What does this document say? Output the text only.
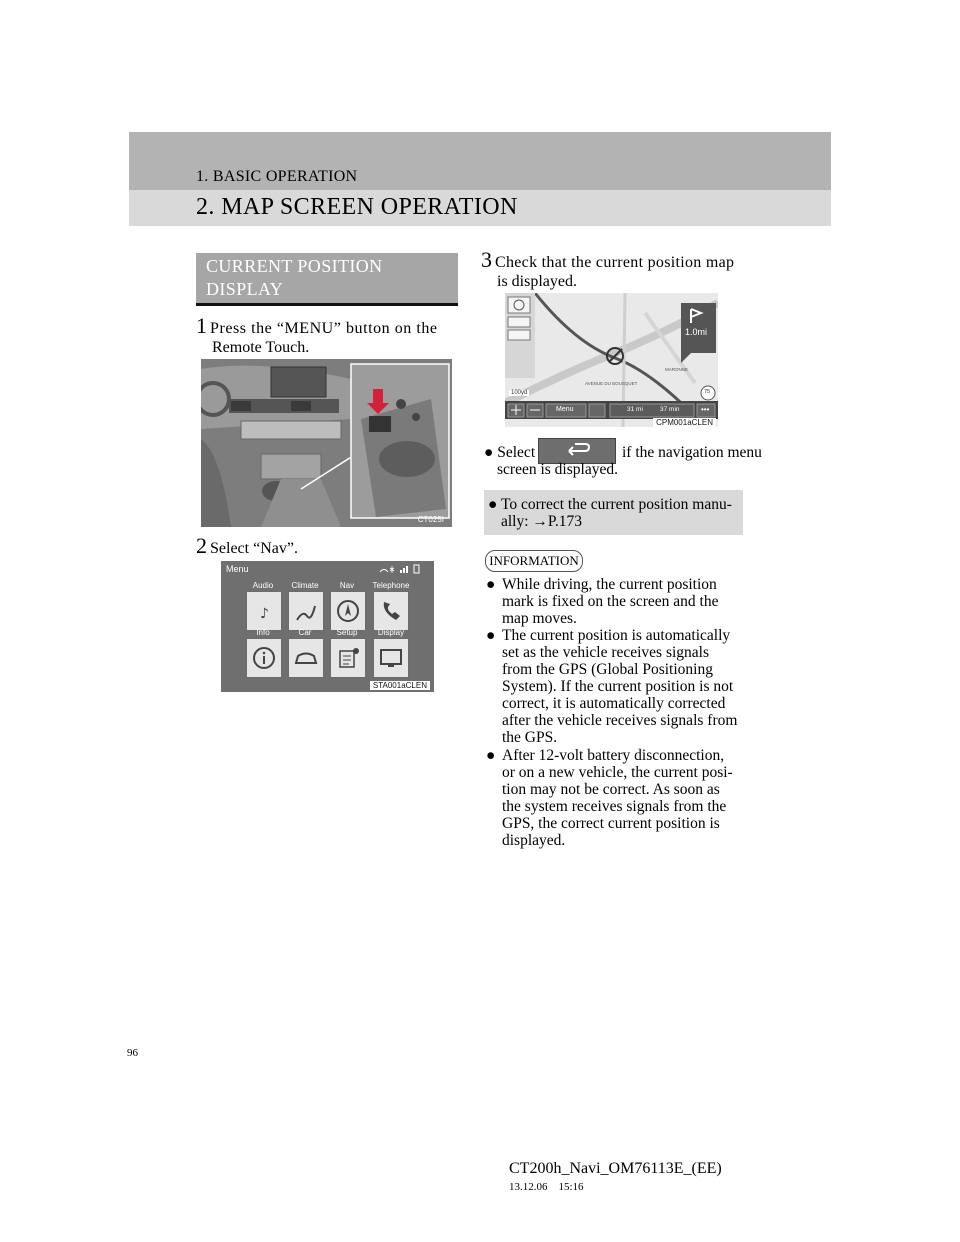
1. BASIC OPERATION
2. MAP SCREEN OPERATION
CURRENT POSITION
DISPLAY
1 Press the “MENU” button on the
Remote Touch.
CT025I
2 Select “Nav”.
Menu
Audio	Climate	Nav	Telephone
♪
Info	Car	Setup	Display
STA001aCLEN
3 Check that the current position map
is displayed.
1.0mi
100yd
AVENUE DU BOUSQUET
MARONNE
75
Menu	31 mi	37 min	•••
CPM001aCLEN
● Select	if the navigation menu
screen is displayed.
● To correct the current position manu-
ally: →P.173
INFORMATION
● While driving, the current position
mark is fixed on the screen and the
map moves.
● The current position is automatically
set as the vehicle receives signals
from the GPS (Global Positioning
System). If the current position is not
correct, it is automatically corrected
after the vehicle receives signals from
the GPS.
● After 12-volt battery disconnection,
or on a new vehicle, the current posi-
tion may not be correct. As soon as
the system receives signals from the
GPS, the correct current position is
displayed.
96
CT200h_Navi_OM76113E_(EE)
13.12.06    15:16
